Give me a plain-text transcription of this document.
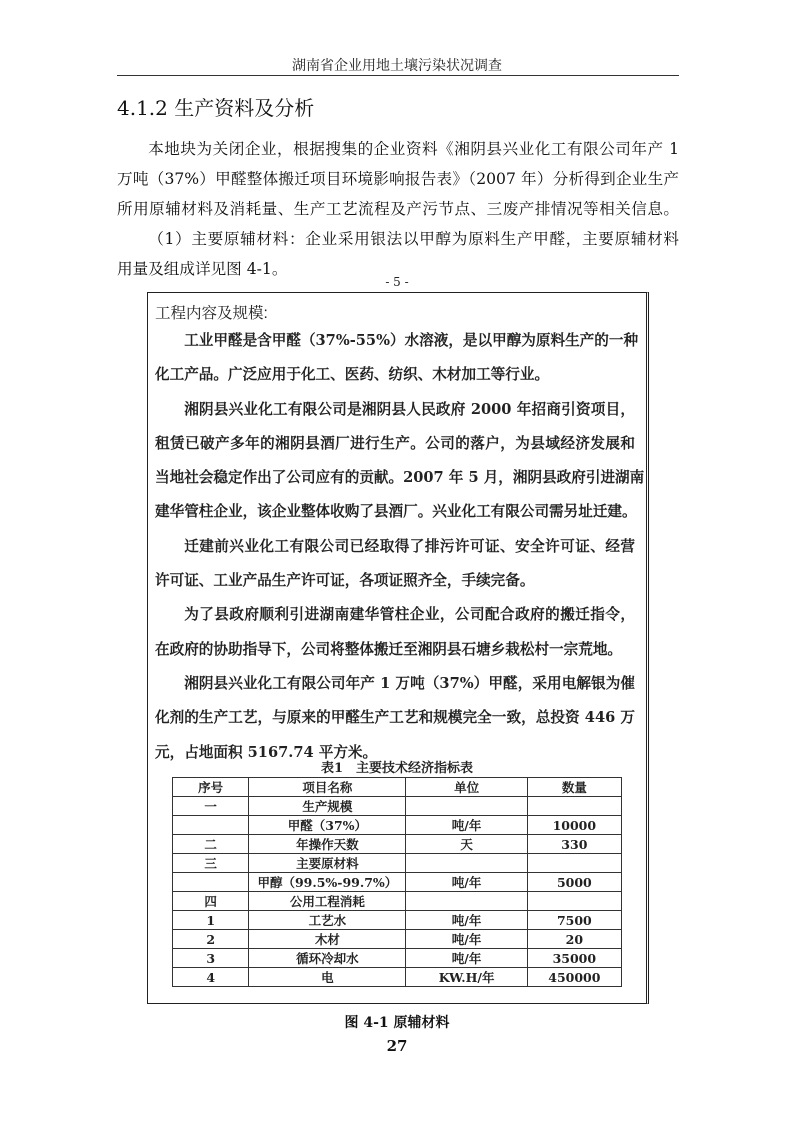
湖南省企业用地土壤污染状况调查
4.1.2 生产资料及分析
本地块为关闭企业，根据搜集的企业资料《湘阴县兴业化工有限公司年产 1
万吨（37%）甲醛整体搬迁项目环境影响报告表》（2007 年）分析得到企业生产
所用原辅材料及消耗量、生产工艺流程及产污节点、三废产排情况等相关信息。
（1）主要原辅材料：企业采用银法以甲醇为原料生产甲醛，主要原辅材料
用量及组成详见图 4-1。
工程内容及规模:
工业甲醛是含甲醛（37%-55%）水溶液，是以甲醇为原料生产的一种
化工产品。广泛应用于化工、医药、纺织、木材加工等行业。
湘阴县兴业化工有限公司是湘阴县人民政府 2000 年招商引资项目，
租赁已破产多年的湘阴县酒厂进行生产。公司的落户，为县域经济发展和
当地社会稳定作出了公司应有的贡献。2007 年 5 月，湘阴县政府引进湖南
建华管柱企业，该企业整体收购了县酒厂。兴业化工有限公司需另址迁建。
迁建前兴业化工有限公司已经取得了排污许可证、安全许可证、经营
许可证、工业产品生产许可证，各项证照齐全，手续完备。
为了县政府顺利引进湖南建华管柱企业，公司配合政府的搬迁指令，
在政府的协助指导下，公司将整体搬迁至湘阴县石塘乡栽松村一宗荒地。
湘阴县兴业化工有限公司年产 1 万吨（37%）甲醛，采用电解银为催
化剂的生产工艺，与原来的甲醛生产工艺和规模完全一致，总投资 446 万
元，占地面积 5167.74 平方米。
表1　主要技术经济指标表
序号	项目名称	单位	数量
一	生产规模		
	甲醛（37%）	吨/年	10000
二	年操作天数	天	330
三	主要原材料		
	甲醇（99.5%-99.7%）	吨/年	5000
四	公用工程消耗		
1	工艺水	吨/年	7500
2	木材	吨/年	20
3	循环冷却水	吨/年	35000
4	电	KW.H/年	450000
- 5 -
图 4-1 原辅材料
27
